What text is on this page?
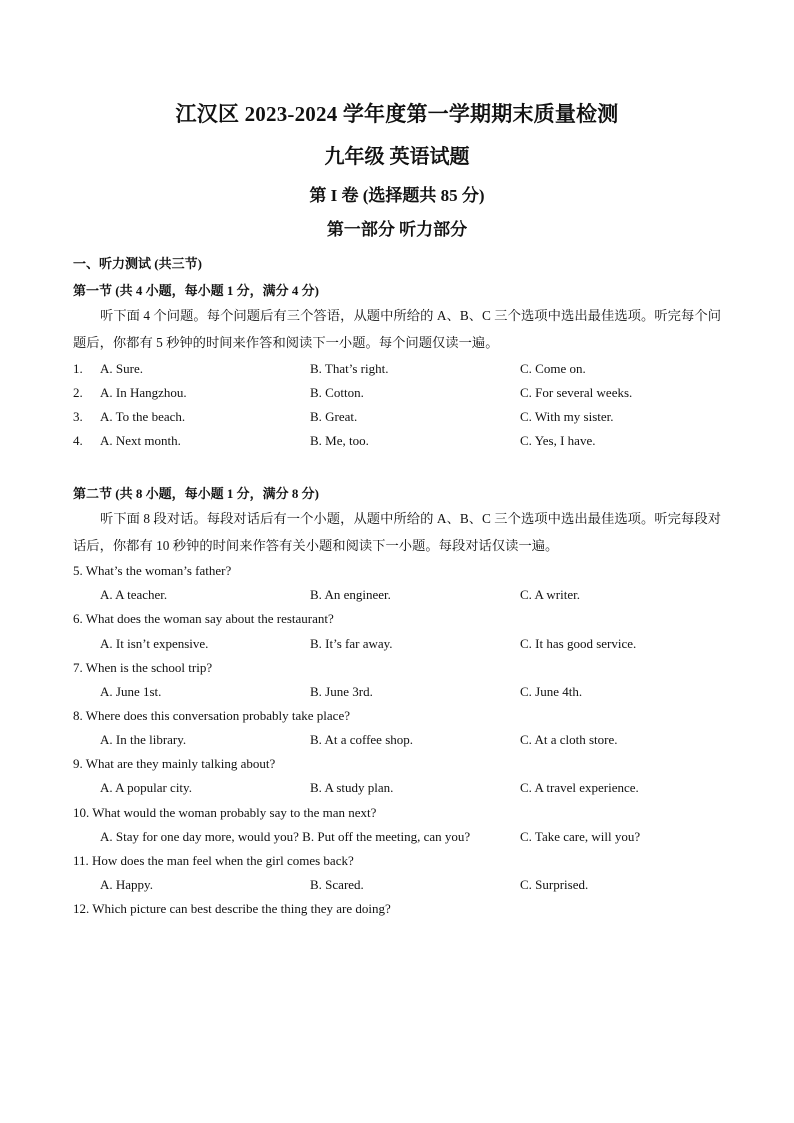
江汉区 2023-2024 学年度第一学期期末质量检测
九年级 英语试题
第 I 卷 (选择题共 85 分)
第一部分 听力部分
一、听力测试 (共三节)
第一节 (共 4 小题，每小题 1 分，满分 4 分)
听下面 4 个问题。每个问题后有三个答语，从题中所给的 A、B、C 三个选项中选出最佳选项。听完每个问题后，你都有 5 秒钟的时间来作答和阅读下一小题。每个问题仅读一遍。
1. A. Sure.	B. That’s right.	C. Come on.
2. A. In Hangzhou.	B. Cotton.	C. For several weeks.
3. A. To the beach.	B. Great.	C. With my sister.
4. A. Next month.	B. Me, too.	C. Yes, I have.
第二节 (共 8 小题，每小题 1 分，满分 8 分)
听下面 8 段对话。每段对话后有一个小题，从题中所给的 A、B、C 三个选项中选出最佳选项。听完每段对话后，你都有 10 秒钟的时间来作答有关小题和阅读下一小题。每段对话仅读一遍。
5. What’s the woman’s father?
A. A teacher.	B. An engineer.	C. A writer.
6. What does the woman say about the restaurant?
A. It isn’t expensive.	B. It’s far away.	C. It has good service.
7. When is the school trip?
A. June 1st.	B. June 3rd.	C. June 4th.
8. Where does this conversation probably take place?
A. In the library.	B. At a coffee shop.	C. At a cloth store.
9. What are they mainly talking about?
A. A popular city.	B. A study plan.	C. A travel experience.
10. What would the woman probably say to the man next?
A. Stay for one day more, would you? B. Put off the meeting, can you?	C. Take care, will you?
11. How does the man feel when the girl comes back?
A. Happy.	B. Scared.	C. Surprised.
12. Which picture can best describe the thing they are doing?
